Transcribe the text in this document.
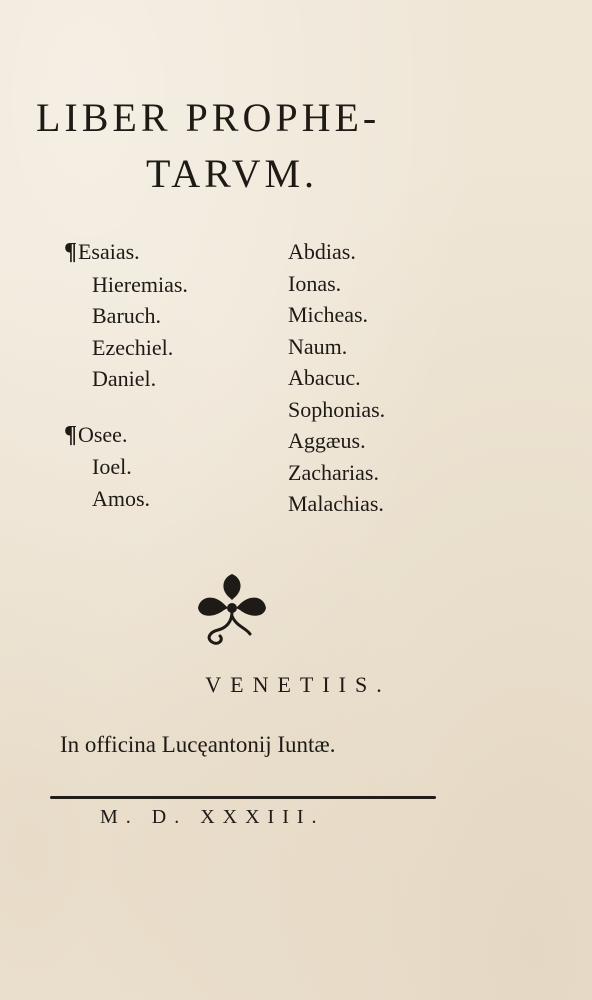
LIBER PROPHE-
TARVM.
¶Esaias.
Hieremias.
Baruch.
Ezechiel.
Daniel.
¶Osee.
Ioel.
Amos.
Abdias.
Ionas.
Micheas.
Naum.
Abacuc.
Sophonias.
Aggæus.
Zacharias.
Malachias.
VENETIIS.
In officina Lucęantonij Iuntæ.
M. D. XXXIII.
